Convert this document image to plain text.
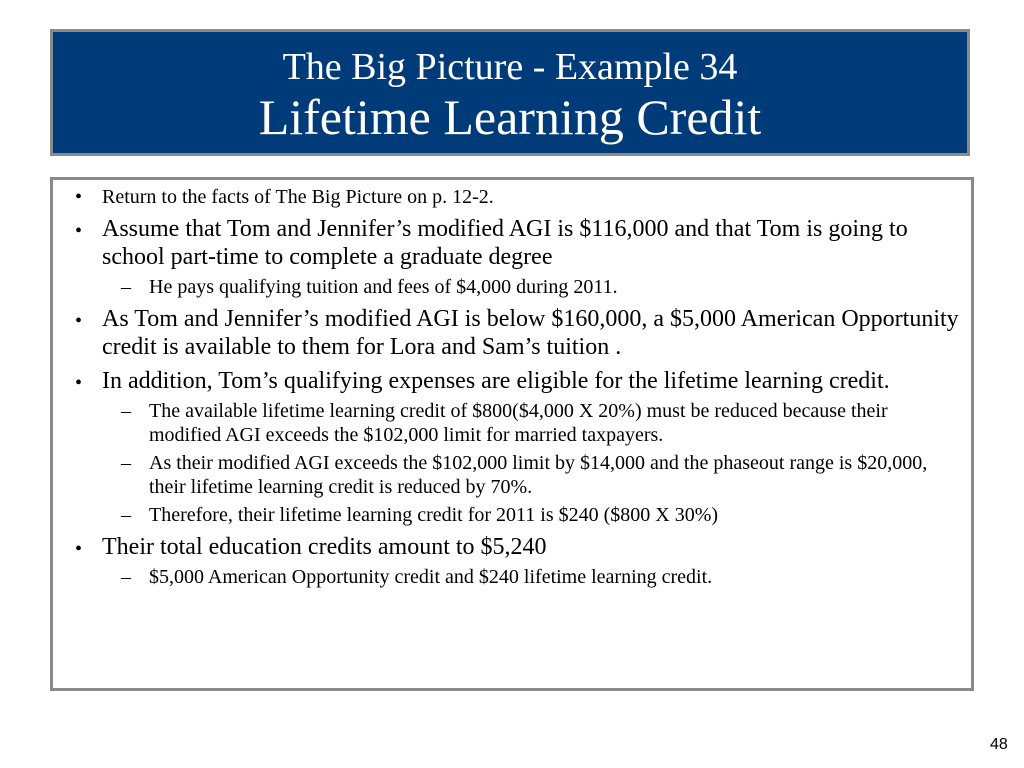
The Big Picture - Example 34
Lifetime Learning Credit
• Return to the facts of The Big Picture on p. 12-2.
• Assume that Tom and Jennifer’s modified AGI is $116,000 and that Tom is going to school part-time to complete a graduate degree
– He pays qualifying tuition and fees of $4,000 during 2011.
• As Tom and Jennifer’s modified AGI is below $160,000, a $5,000 American Opportunity credit is available to them for Lora and Sam’s tuition .
• In addition, Tom’s qualifying expenses are eligible for the lifetime learning credit.
– The available lifetime learning credit of $800($4,000 X 20%) must be reduced because their modified AGI exceeds the $102,000 limit for married taxpayers.
– As their modified AGI exceeds the $102,000 limit by $14,000 and the phaseout range is $20,000, their lifetime learning credit is reduced by 70%.
– Therefore, their lifetime learning credit for 2011 is $240 ($800 X 30%)
• Their total education credits amount to $5,240
– $5,000 American Opportunity credit and $240 lifetime learning credit.
48
